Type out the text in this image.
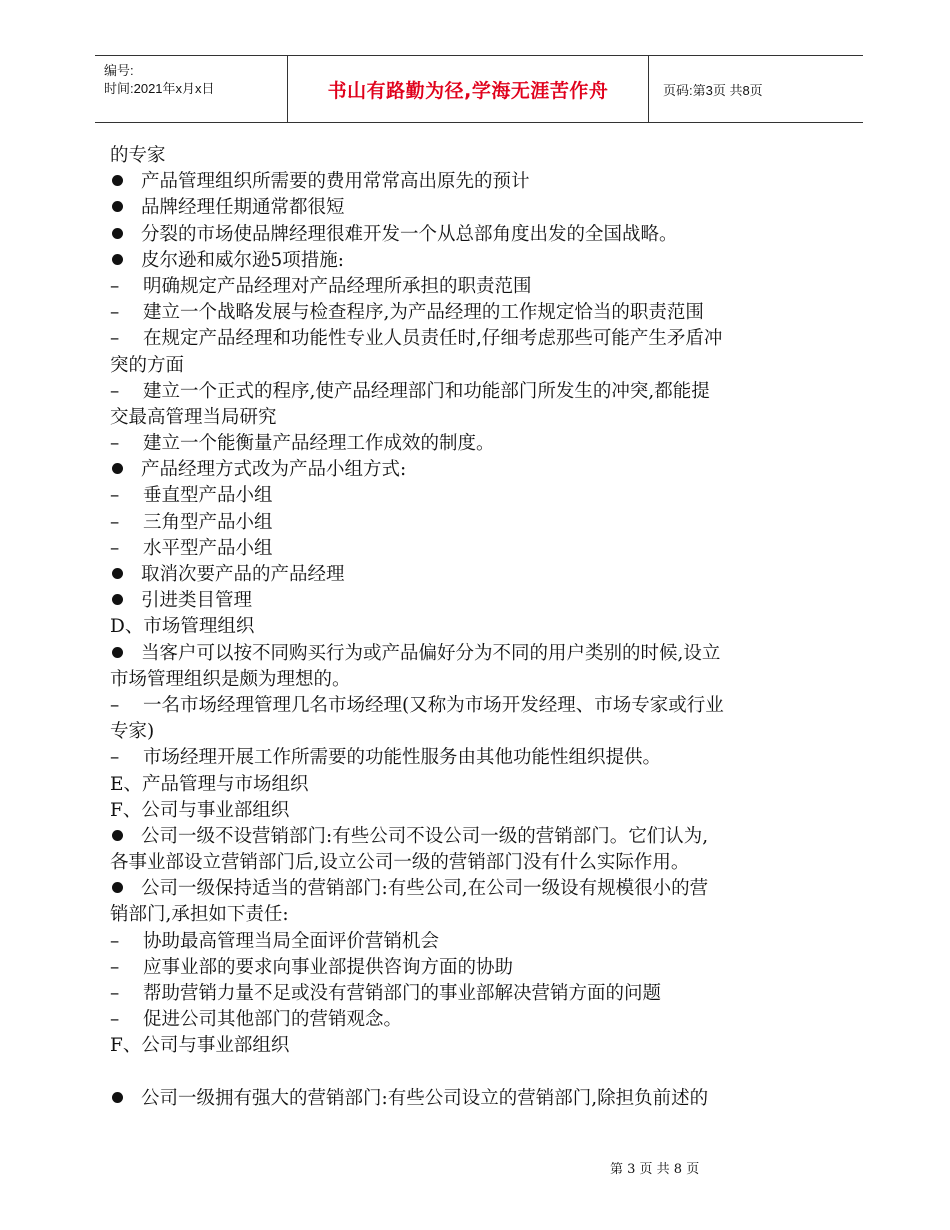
编号:
时间:2021年x月x日	书山有路勤为径,学海无涯苦作舟	页码:第3页 共8页
的专家
产品管理组织所需要的费用常常高出原先的预计
品牌经理任期通常都很短
分裂的市场使品牌经理很难开发一个从总部角度出发的全国战略。
皮尔逊和威尔逊5项措施:
– 明确规定产品经理对产品经理所承担的职责范围
– 建立一个战略发展与检查程序,为产品经理的工作规定恰当的职责范围
– 在规定产品经理和功能性专业人员责任时,仔细考虑那些可能产生矛盾冲
突的方面
– 建立一个正式的程序,使产品经理部门和功能部门所发生的冲突,都能提
交最高管理当局研究
– 建立一个能衡量产品经理工作成效的制度。
产品经理方式改为产品小组方式:
– 垂直型产品小组
– 三角型产品小组
– 水平型产品小组
取消次要产品的产品经理
引进类目管理
D、市场管理组织
当客户可以按不同购买行为或产品偏好分为不同的用户类别的时候,设立
市场管理组织是颇为理想的。
– 一名市场经理管理几名市场经理(又称为市场开发经理、市场专家或行业
专家)
– 市场经理开展工作所需要的功能性服务由其他功能性组织提供。
E、产品管理与市场组织
F、公司与事业部组织
公司一级不设营销部门:有些公司不设公司一级的营销部门。它们认为,
各事业部设立营销部门后,设立公司一级的营销部门没有什么实际作用。
公司一级保持适当的营销部门:有些公司,在公司一级设有规模很小的营
销部门,承担如下责任:
– 协助最高管理当局全面评价营销机会
– 应事业部的要求向事业部提供咨询方面的协助
– 帮助营销力量不足或没有营销部门的事业部解决营销方面的问题
– 促进公司其他部门的营销观念。
F、公司与事业部组织
公司一级拥有强大的营销部门:有些公司设立的营销部门,除担负前述的
第 3 页 共 8 页
